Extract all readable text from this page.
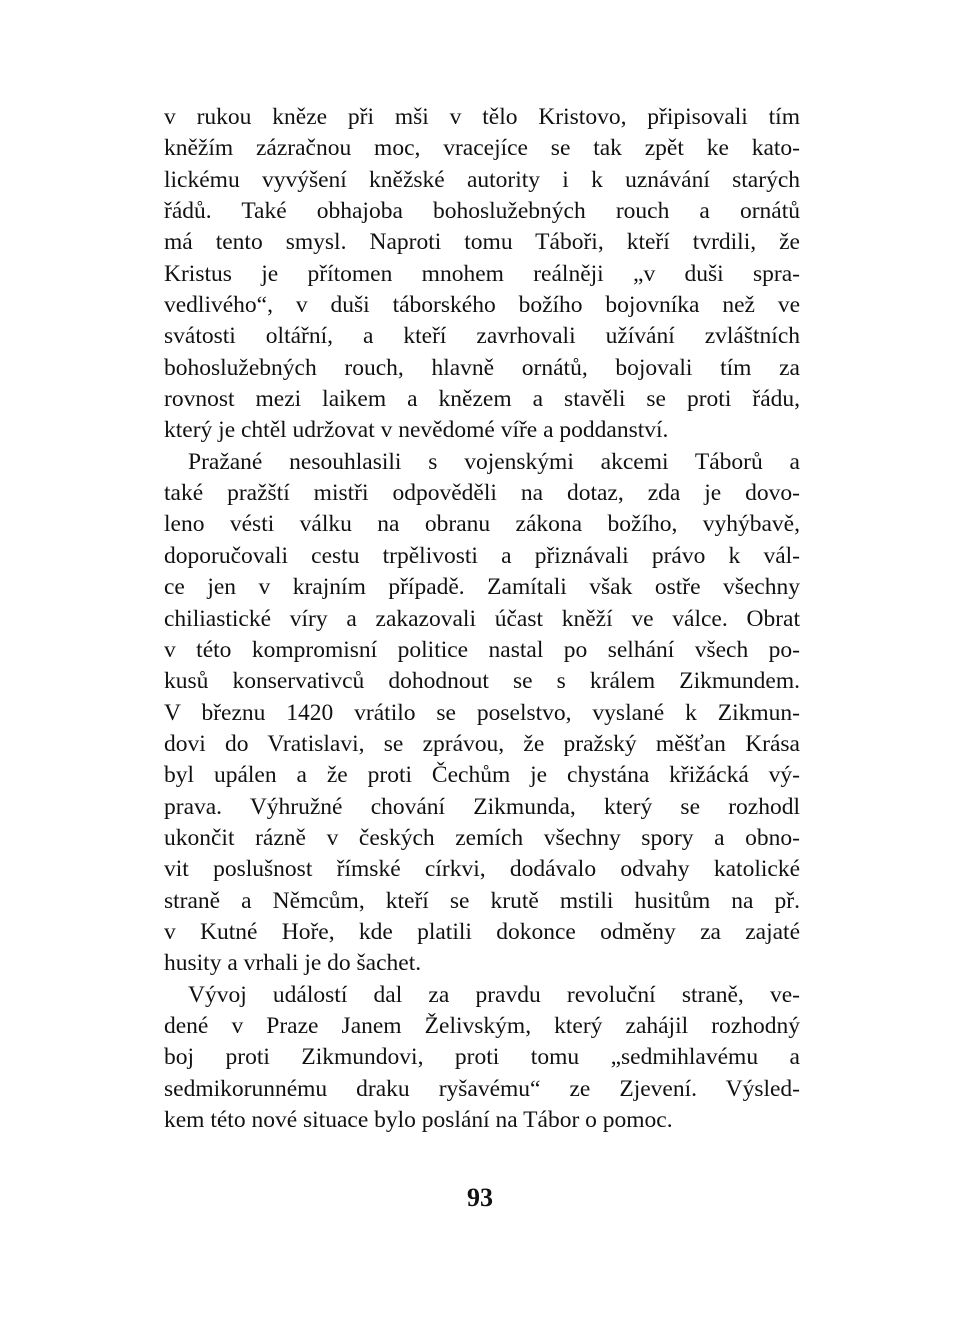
v rukou kněze při mši v tělo Kristovo, připisovali tím
kněžím zázračnou moc, vracejíce se tak zpět ke kato-
lickému vyvýšení kněžské autority i k uznávání starých
řádů. Také obhajoba bohoslužebných rouch a ornátů
má tento smysl. Naproti tomu Táboři, kteří tvrdili, že
Kristus je přítomen mnohem reálněji „v duši spra-
vedlivého“, v duši táborského božího bojovníka než ve
svátosti oltářní, a kteří zavrhovali užívání zvláštních
bohoslužebných rouch, hlavně ornátů, bojovali tím za
rovnost mezi laikem a knězem a stavěli se proti řádu,
který je chtěl udržovat v nevědomé víře a poddanství.
Pražané nesouhlasili s vojenskými akcemi Táborů a
také pražští mistři odpověděli na dotaz, zda je dovo-
leno vésti válku na obranu zákona božího, vyhýbavě,
doporučovali cestu trpělivosti a přiznávali právo k vál-
ce jen v krajním případě. Zamítali však ostře všechny
chiliastické víry a zakazovali účast kněží ve válce. Obrat
v této kompromisní politice nastal po selhání všech po-
kusů konservativců dohodnout se s králem Zikmundem.
V březnu 1420 vrátilo se poselstvo, vyslané k Zikmun-
dovi do Vratislavi, se zprávou, že pražský měšťan Krása
byl upálen a že proti Čechům je chystána křižácká vý-
prava. Výhružné chování Zikmunda, který se rozhodl
ukončit rázně v českých zemích všechny spory a obno-
vit poslušnost římské církvi, dodávalo odvahy katolické
straně a Němcům, kteří se krutě mstili husitům na př.
v Kutné Hoře, kde platili dokonce odměny za zajaté
husity a vrhali je do šachet.
Vývoj událostí dal za pravdu revoluční straně, ve-
dené v Praze Janem Želivským, který zahájil rozhodný
boj proti Zikmundovi, proti tomu „sedmihlavému a
sedmikorunnému draku ryšavému“ ze Zjevení. Výsled-
kem této nové situace bylo poslání na Tábor o pomoc.
93
